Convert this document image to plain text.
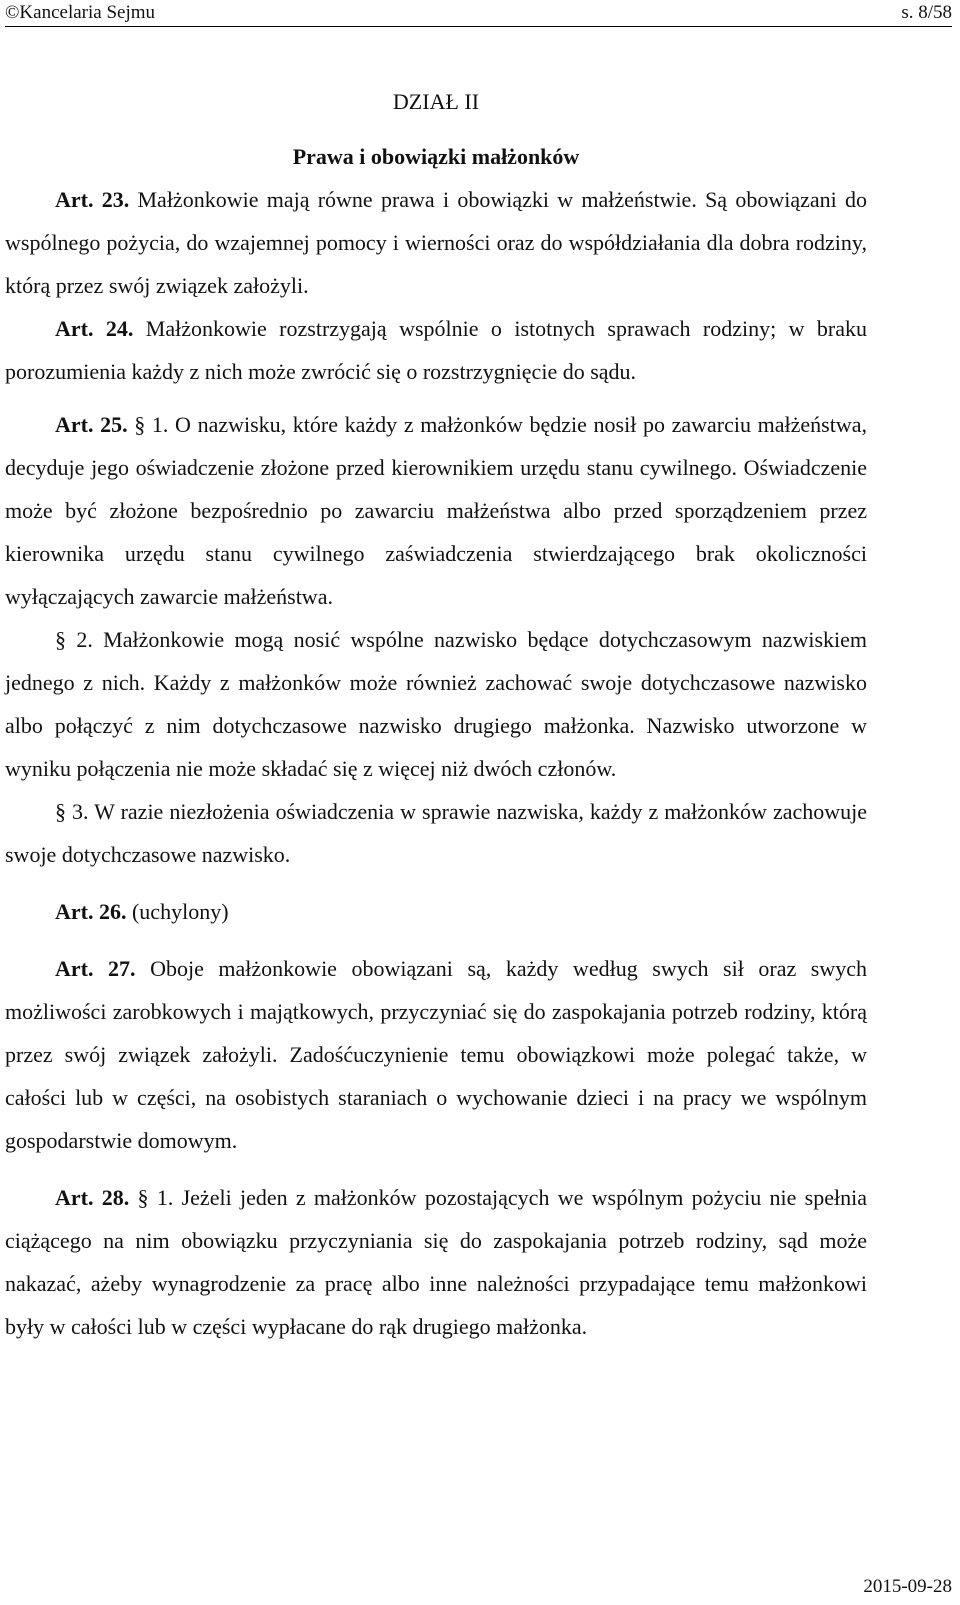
©Kancelaria Sejmu	s. 8/58

DZIAŁ II

Prawa i obowiązki małżonków

Art. 23. Małżonkowie mają równe prawa i obowiązki w małżeństwie. Są obowiązani do wspólnego pożycia, do wzajemnej pomocy i wierności oraz do współdziałania dla dobra rodziny, którą przez swój związek założyli.

Art. 24. Małżonkowie rozstrzygają wspólnie o istotnych sprawach rodziny; w braku porozumienia każdy z nich może zwrócić się o rozstrzygnięcie do sądu.

Art. 25. § 1. O nazwisku, które każdy z małżonków będzie nosił po zawarciu małżeństwa, decyduje jego oświadczenie złożone przed kierownikiem urzędu stanu cywilnego. Oświadczenie może być złożone bezpośrednio po zawarciu małżeństwa albo przed sporządzeniem przez kierownika urzędu stanu cywilnego zaświadczenia stwierdzającego brak okoliczności wyłączających zawarcie małżeństwa.

§ 2. Małżonkowie mogą nosić wspólne nazwisko będące dotychczasowym nazwiskiem jednego z nich. Każdy z małżonków może również zachować swoje dotychczasowe nazwisko albo połączyć z nim dotychczasowe nazwisko drugiego małżonka. Nazwisko utworzone w wyniku połączenia nie może składać się z więcej niż dwóch członów.

§ 3. W razie niezłożenia oświadczenia w sprawie nazwiska, każdy z małżonków zachowuje swoje dotychczasowe nazwisko.

Art. 26. (uchylony)

Art. 27. Oboje małżonkowie obowiązani są, każdy według swych sił oraz swych możliwości zarobkowych i majątkowych, przyczyniać się do zaspokajania potrzeb rodziny, którą przez swój związek założyli. Zadośćuczynienie temu obowiązkowi może polegać także, w całości lub w części, na osobistych staraniach o wychowanie dzieci i na pracy we wspólnym gospodarstwie domowym.

Art. 28. § 1. Jeżeli jeden z małżonków pozostających we wspólnym pożyciu nie spełnia ciążącego na nim obowiązku przyczyniania się do zaspokajania potrzeb rodziny, sąd może nakazać, ażeby wynagrodzenie za pracę albo inne należności przypadające temu małżonkowi były w całości lub w części wypłacane do rąk drugiego małżonka.

2015-09-28
